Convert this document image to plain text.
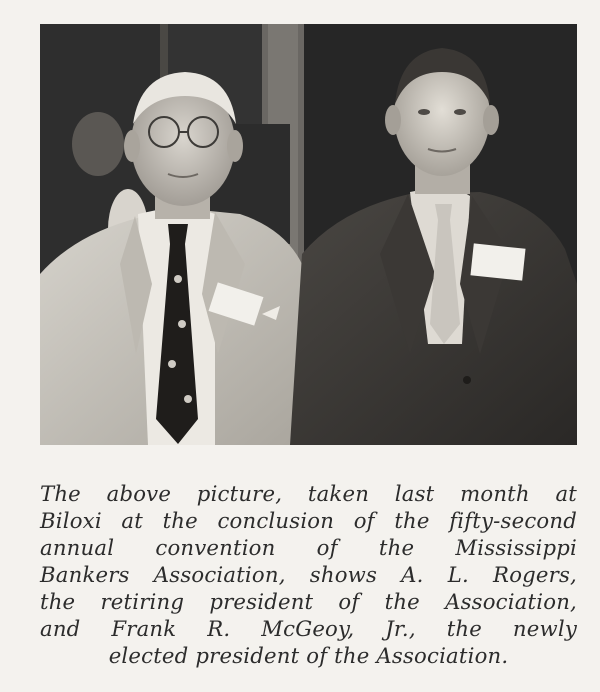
The above picture, taken last month at
Biloxi at the conclusion of the fifty-second
annual convention of the Mississippi
Bankers Association, shows A. L. Rogers,
the retiring president of the Association,
and Frank R. McGeoy, Jr., the newly
elected president of the Association.
